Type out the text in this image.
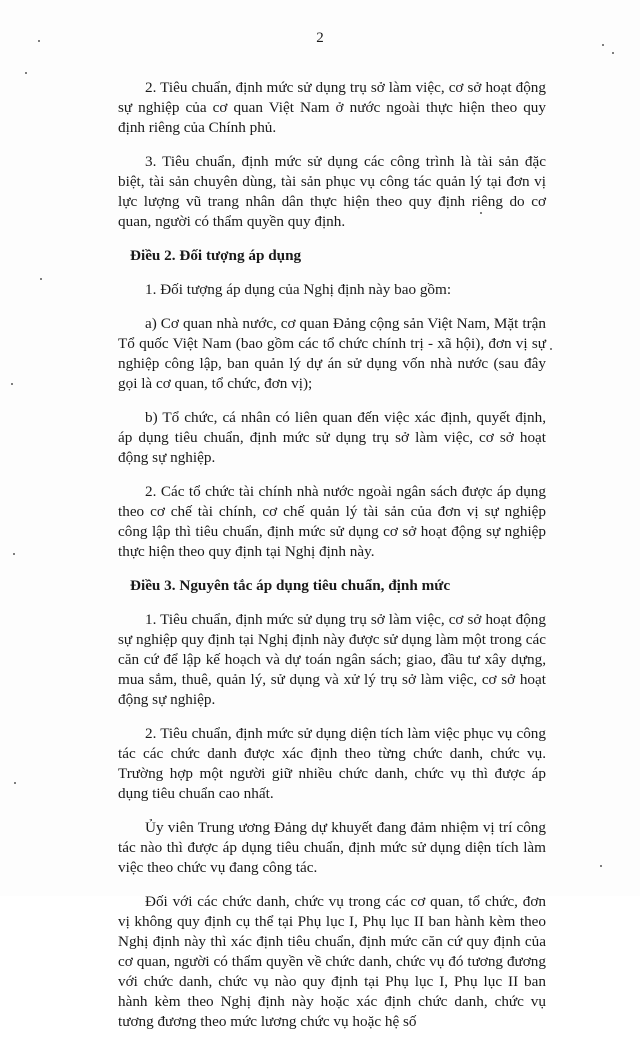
2

2. Tiêu chuẩn, định mức sử dụng trụ sở làm việc, cơ sở hoạt động sự nghiệp của cơ quan Việt Nam ở nước ngoài thực hiện theo quy định riêng của Chính phủ.

3. Tiêu chuẩn, định mức sử dụng các công trình là tài sản đặc biệt, tài sản chuyên dùng, tài sản phục vụ công tác quản lý tại đơn vị lực lượng vũ trang nhân dân thực hiện theo quy định riêng do cơ quan, người có thẩm quyền quy định.

Điều 2. Đối tượng áp dụng

1. Đối tượng áp dụng của Nghị định này bao gồm:

a) Cơ quan nhà nước, cơ quan Đảng cộng sản Việt Nam, Mặt trận Tổ quốc Việt Nam (bao gồm các tổ chức chính trị - xã hội), đơn vị sự nghiệp công lập, ban quản lý dự án sử dụng vốn nhà nước (sau đây gọi là cơ quan, tổ chức, đơn vị);

b) Tổ chức, cá nhân có liên quan đến việc xác định, quyết định, áp dụng tiêu chuẩn, định mức sử dụng trụ sở làm việc, cơ sở hoạt động sự nghiệp.

2. Các tổ chức tài chính nhà nước ngoài ngân sách được áp dụng theo cơ chế tài chính, cơ chế quản lý tài sản của đơn vị sự nghiệp công lập thì tiêu chuẩn, định mức sử dụng cơ sở hoạt động sự nghiệp thực hiện theo quy định tại Nghị định này.

Điều 3. Nguyên tắc áp dụng tiêu chuẩn, định mức

1. Tiêu chuẩn, định mức sử dụng trụ sở làm việc, cơ sở hoạt động sự nghiệp quy định tại Nghị định này được sử dụng làm một trong các căn cứ để lập kế hoạch và dự toán ngân sách; giao, đầu tư xây dựng, mua sắm, thuê, quản lý, sử dụng và xử lý trụ sở làm việc, cơ sở hoạt động sự nghiệp.

2. Tiêu chuẩn, định mức sử dụng diện tích làm việc phục vụ công tác các chức danh được xác định theo từng chức danh, chức vụ. Trường hợp một người giữ nhiều chức danh, chức vụ thì được áp dụng tiêu chuẩn cao nhất.

Ủy viên Trung ương Đảng dự khuyết đang đảm nhiệm vị trí công tác nào thì được áp dụng tiêu chuẩn, định mức sử dụng diện tích làm việc theo chức vụ đang công tác.

Đối với các chức danh, chức vụ trong các cơ quan, tổ chức, đơn vị không quy định cụ thể tại Phụ lục I, Phụ lục II ban hành kèm theo Nghị định này thì xác định tiêu chuẩn, định mức căn cứ quy định của cơ quan, người có thẩm quyền về chức danh, chức vụ đó tương đương với chức danh, chức vụ nào quy định tại Phụ lục I, Phụ lục II ban hành kèm theo Nghị định này hoặc xác định chức danh, chức vụ tương đương theo mức lương chức vụ hoặc hệ số
